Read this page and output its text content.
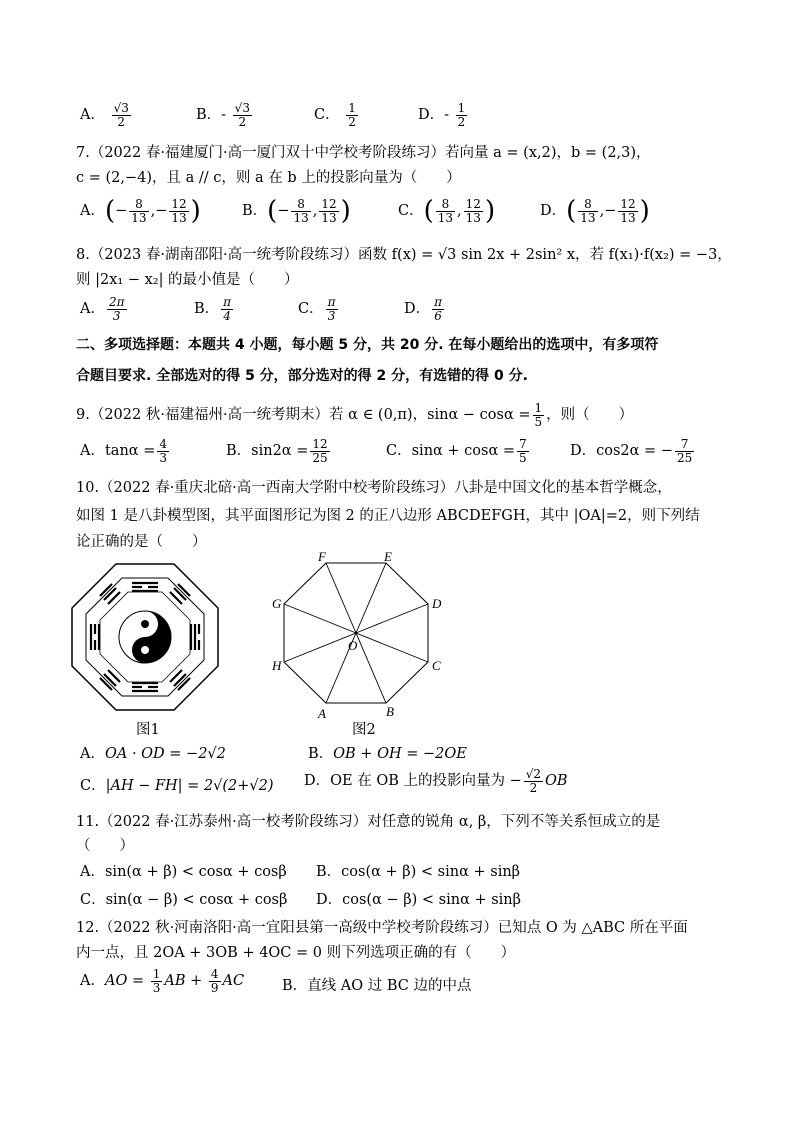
A． $\frac{√3}{2}$	B．- $\frac{√3}{2}$	C． $\frac{1}{2}$	D．- $\frac{1}{2}$
7.（2022 春·福建厦门·高一厦门双十中学校考阶段练习）若向量 a = (x,2)，b = (2,3)，
c = (2,−4)，且 a // c，则 a 在 b 上的投影向量为（　　）
A．(− $\frac{8}{13}$ ,− $\frac{12}{13}$ )	B．(− $\frac{8}{13}$ , $\frac{12}{13}$ )	C．( $\frac{8}{13}$ , $\frac{12}{13}$ )	D．( $\frac{8}{13}$ ,− $\frac{12}{13}$ )
8.（2023 春·湖南邵阳·高一统考阶段练习）函数 f(x) = √3 sin 2x + 2sin² x，若 f(x₁)·f(x₂) = −3，
则 |2x₁ − x₂| 的最小值是（　　）
A． $\frac{2\pi}{3}$	B． $\frac{\pi}{4}$	C． $\frac{\pi}{3}$	D． $\frac{\pi}{6}$
二、多项选择题：本题共 4 小题，每小题 5 分，共 20 分. 在每小题给出的选项中，有多项符
合题目要求. 全部选对的得 5 分，部分选对的得 2 分，有选错的得 0 分.
9.（2022 秋·福建福州·高一统考期末）若 α ∈ (0,π)，$\sin\alpha - \cos\alpha = \frac{1}{5}$ ，则（　　）
A．$\tan\alpha = \frac{4}{3}$	B．$\sin 2\alpha = \frac{12}{25}$	C．$\sin\alpha + \cos\alpha = \frac{7}{5}$	D．cos2α = − $\frac{7}{25}$
10.（2022 春·重庆北碚·高一西南大学附中校考阶段练习）八卦是中国文化的基本哲学概念，
如图 1 是八卦模型图，其平面图形记为图 2 的正八边形 ABCDEFGH，其中 |OA|=2，则下列结
论正确的是（　　）
A	B
C
D
E
F
G
H
O
图1	图2
A．OA · OD = −2√2	B．OB + OH = −2OE
C．|AH − FH| = 2√(2+√2) D．OE 在 OB 上的投影向量为 − $\frac{√2}{2}$ OB
11.（2022 春·江苏泰州·高一校考阶段练习）对任意的锐角 α, β，下列不等关系恒成立的是
（　　）
A．sin(α + β) < cosα + cosβ B．cos(α + β) < sinα + sinβ
C．sin(α − β) < cosα + cosβ D．cos(α − β) < sinα + sinβ
12.（2022 秋·河南洛阳·高一宜阳县第一高级中学校考阶段练习）已知点 O 为 △ABC 所在平面
内一点，且 2OA + 3OB + 4OC = 0 则下列选项正确的有（　　）
A．AO = $\frac{1}{3}$ AB + $\frac{4}{9}$ AC	B．直线 AO 过 BC 边的中点
